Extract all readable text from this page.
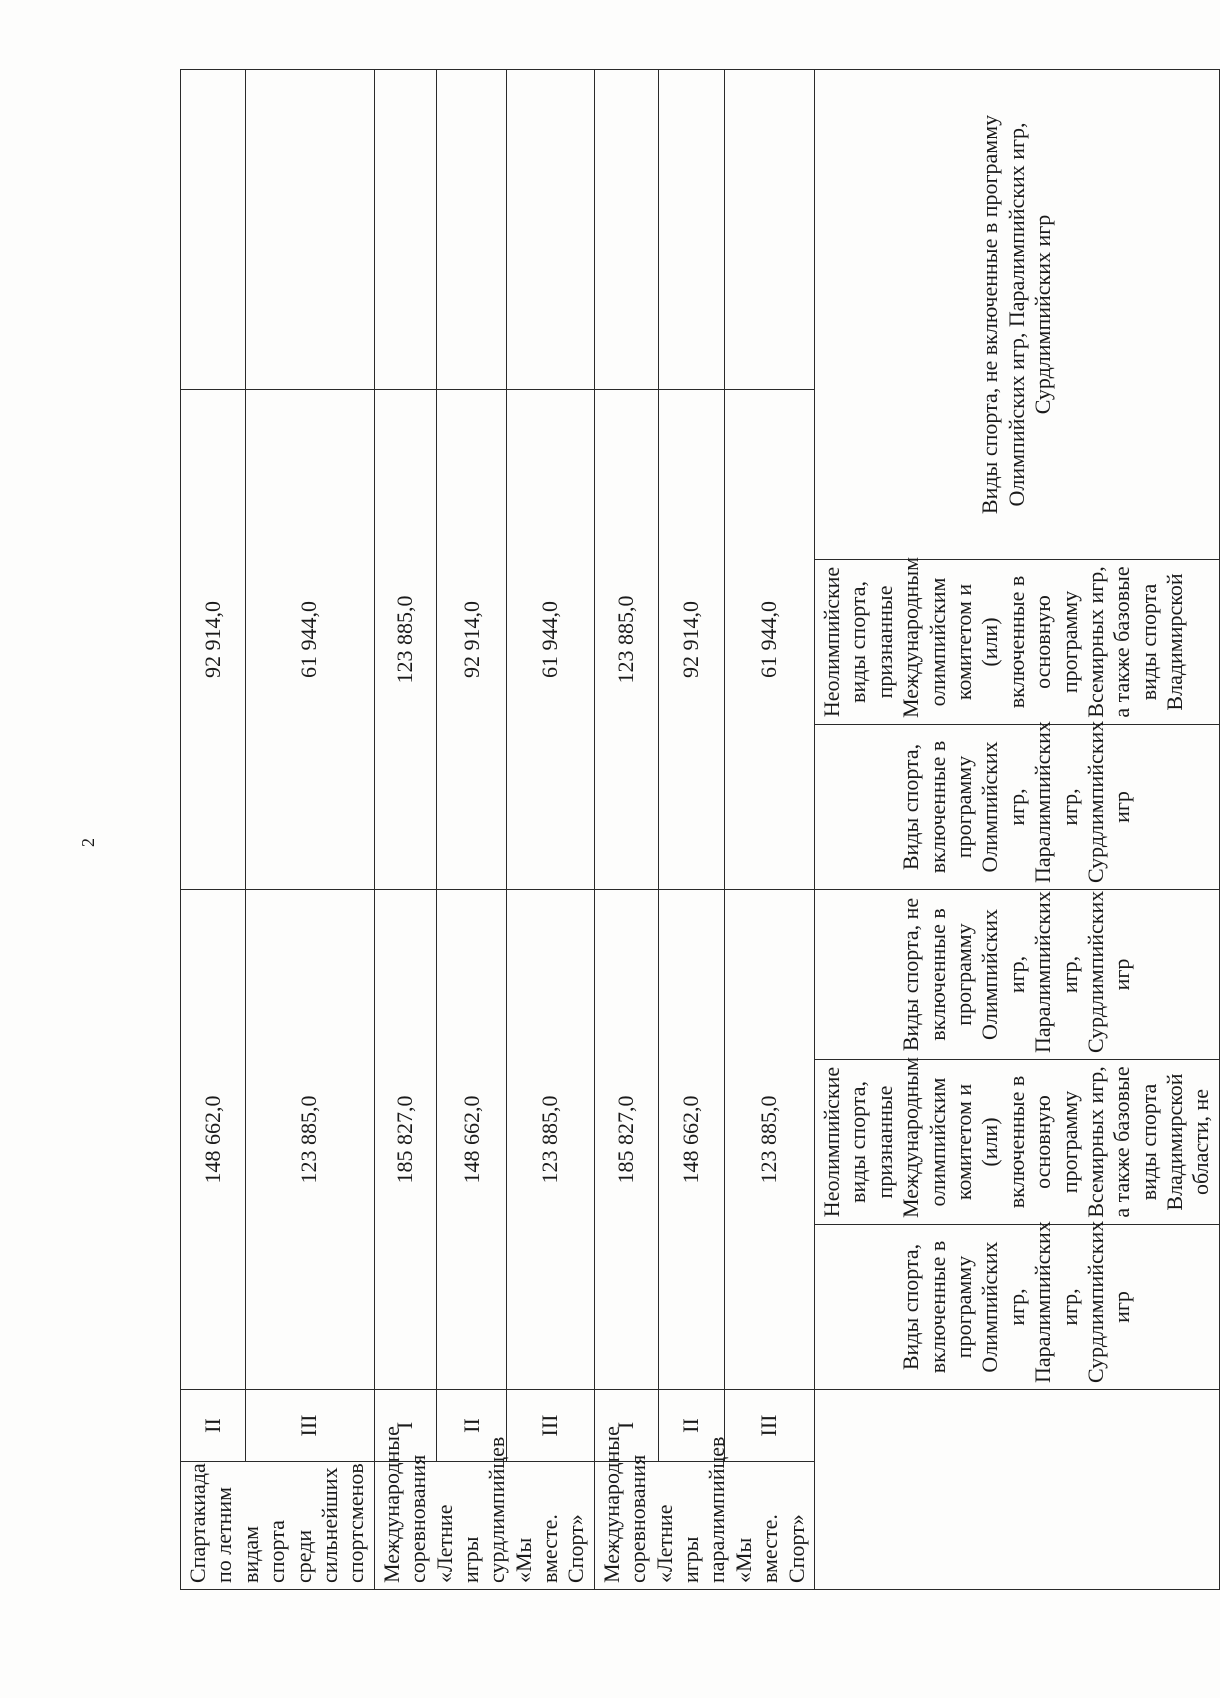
2
Спартакиада по летним видам спорта среди сильнейших спортсменов	II	148 662,0			92 914,0			
	III	123 885,0			61 944,0			
Международные соревнования «Летние игры сурдлимпийцев «Мы вместе. Спорт»	I	185 827,0			123 885,0			
	II	148 662,0			92 914,0			
	III	123 885,0			61 944,0			
Международные соревнования «Летние игры паралимпийцев «Мы вместе. Спорт»	I	185 827,0			123 885,0			
	II	148 662,0			92 914,0			
	III	123 885,0			61 944,0			
		Виды спорта, включенные в программу Олимпийских игр, Паралимпийских игр, Сурдлимпийских игр	Неолимпийские виды спорта, признанные Международным олимпийским комитетом и (или) включенные в основную программу Всемирных игр, а также базовые виды спорта Владимирской области, не	Виды спорта, не включенные в программу Олимпийских игр, Паралимпийских игр, Сурдлимпийских игр	Виды спорта, включенные в программу Олимпийских игр, Паралимпийских игр, Сурдлимпийских игр	Неолимпийские виды спорта, признанные Международным олимпийским комитетом и (или) включенные в основную программу Всемирных игр, а также базовые виды спорта Владимирской	Виды спорта, не включенные в программу Олимпийских игр, Паралимпийских игр, Сурдлимпийских игр	
